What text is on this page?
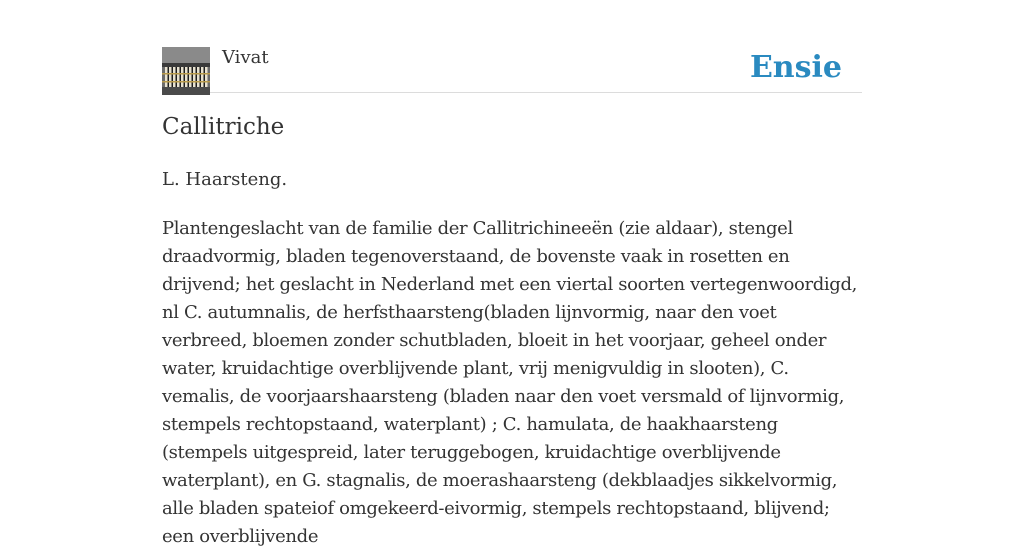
Vivat	Ensie
Callitriche

L. Haarsteng.

Plantengeslacht van de familie der Callitrichineeën (zie aldaar), stengel draadvormig, bladen tegenoverstaand, de bovenste vaak in rosetten en drijvend; het geslacht in Nederland met een viertal soorten vertegenwoordigd, nl C. autumnalis, de herfsthaarsteng(bladen lijnvormig, naar den voet verbreed, bloemen zonder schutbladen, bloeit in het voorjaar, geheel onder water, kruidachtige overblijvende plant, vrij menigvuldig in slooten), C. vemalis, de voorjaarshaarsteng (bladen naar den voet versmald of lijnvormig, stempels rechtopstaand, waterplant) ; C. hamulata, de haakhaarsteng (stempels uitgespreid, later teruggebogen, kruidachtige overblijvende waterplant), en G. stagnalis, de moerashaarsteng (dekblaadjes sikkelvormig, alle bladen spateiof omgekeerd-eivormig, stempels rechtopstaand, blijvend; een overblijvende
